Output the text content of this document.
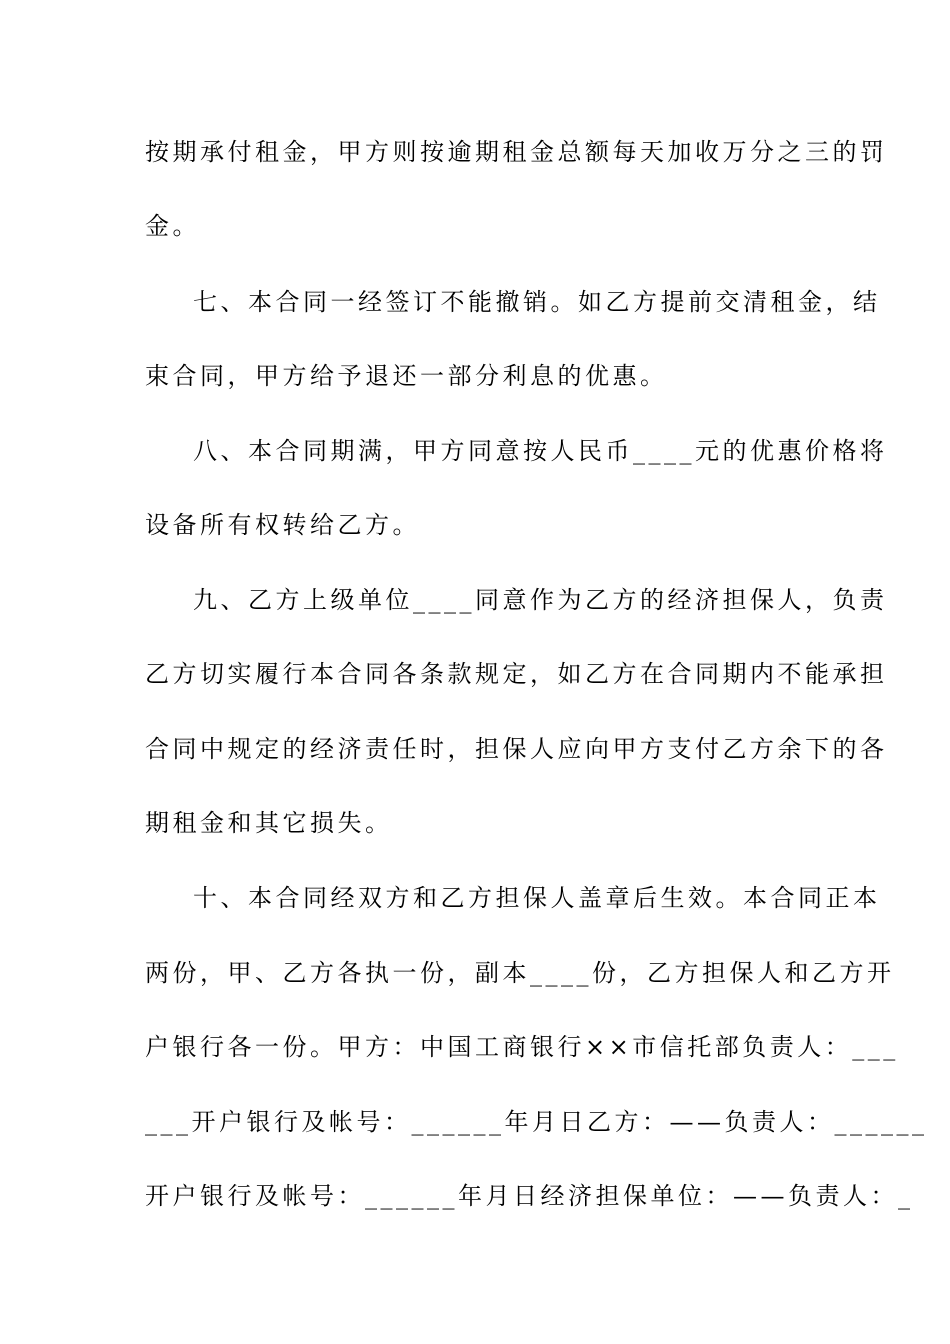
按期承付租金，甲方则按逾期租金总额每天加收万分之三的罚
金。
七、本合同一经签订不能撤销。如乙方提前交清租金，结
束合同，甲方给予退还一部分利息的优惠。
八、本合同期满，甲方同意按人民币____元的优惠价格将
设备所有权转给乙方。
九、乙方上级单位____同意作为乙方的经济担保人，负责
乙方切实履行本合同各条款规定，如乙方在合同期内不能承担
合同中规定的经济责任时，担保人应向甲方支付乙方余下的各
期租金和其它损失。
十、本合同经双方和乙方担保人盖章后生效。本合同正本
两份，甲、乙方各执一份，副本____份，乙方担保人和乙方开
户银行各一份。甲方：中国工商银行××市信托部负责人：___
___开户银行及帐号：______年月日乙方：——负责人：______
开户银行及帐号：______年月日经济担保单位：——负责人：_
